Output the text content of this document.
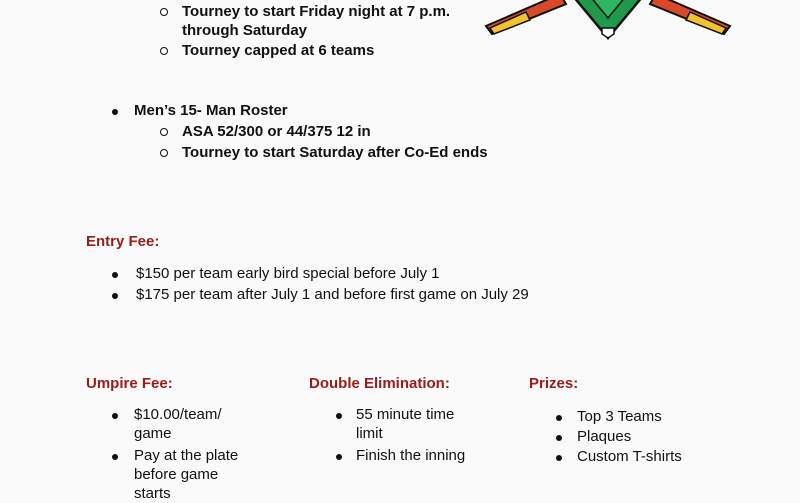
Tourney to start Friday night at 7 p.m. through Saturday
Tourney capped at 6 teams
Men’s 15- Man Roster
ASA 52/300 or 44/375 12 in
Tourney to start Saturday after Co-Ed ends
Entry Fee:
$150 per team early bird special before July 1
$175 per team after July 1 and before first game on July 29
Umpire Fee:
$10.00/team/ game
Pay at the plate before game starts
Double Elimination:
55 minute time limit
Finish the inning
Prizes:
Top 3 Teams
Plaques
Custom T-shirts
